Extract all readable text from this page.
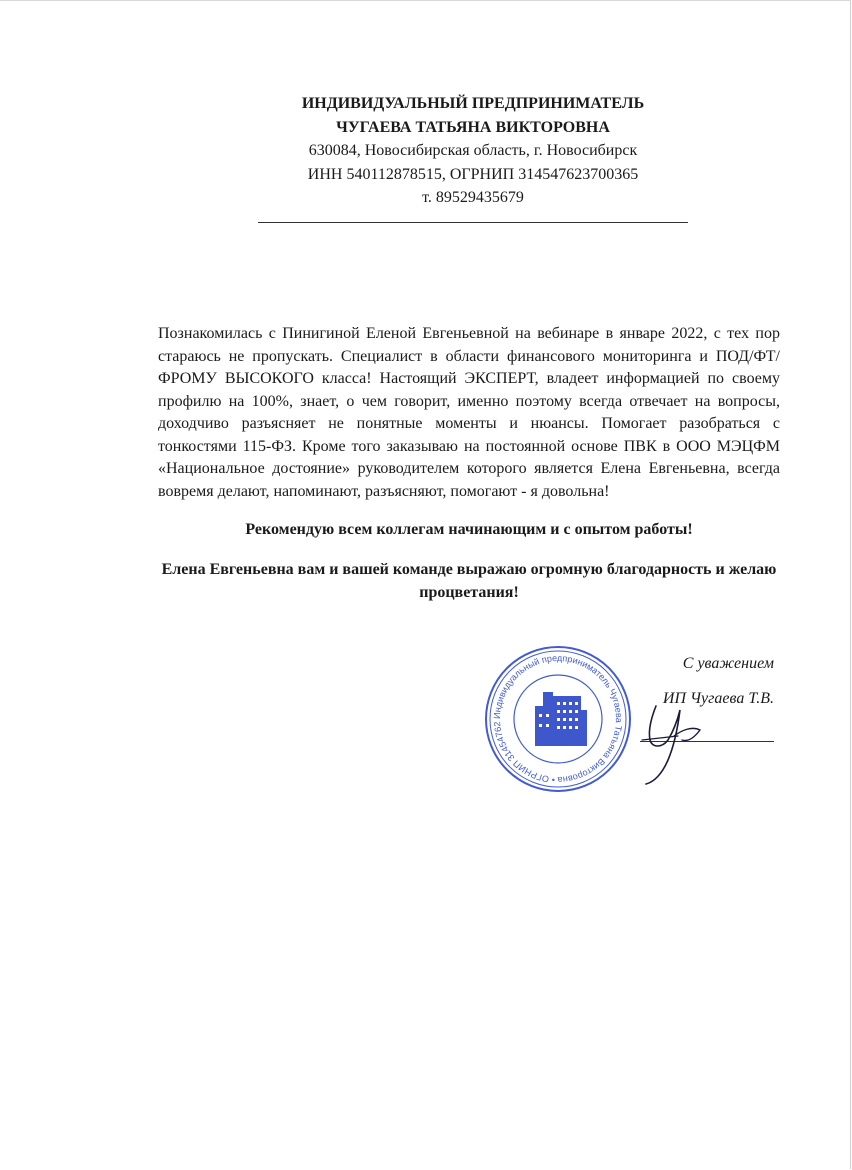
ИНДИВИДУАЛЬНЫЙ ПРЕДПРИНИМАТЕЛЬ
ЧУГАЕВА ТАТЬЯНА ВИКТОРОВНА
630084, Новосибирская область, г. Новосибирск
ИНН 540112878515, ОГРНИП 314547623700365
т. 89529435679
Познакомилась с Пинигиной Еленой Евгеньевной на вебинаре в январе 2022, с тех пор стараюсь не пропускать. Специалист в области финансового мониторинга и ПОД/ФТ/ФРОМУ ВЫСОКОГО класса! Настоящий ЭКСПЕРТ, владеет информацией по своему профилю на 100%, знает, о чем говорит, именно поэтому всегда отвечает на вопросы, доходчиво разъясняет не понятные моменты и нюансы. Помогает разобраться с тонкостями 115-ФЗ. Кроме того заказываю на постоянной основе ПВК в ООО МЭЦФМ «Национальное достояние» руководителем которого является Елена Евгеньевна, всегда вовремя делают, напоминают, разъясняют, помогают - я довольна!
Рекомендую всем коллегам начинающим и с опытом работы!
Елена Евгеньевна вам и вашей команде выражаю огромную благодарность и желаю процветания!
Индивидуальный предприниматель Чугаева Татьяна Викторовна • ОГРНИП 31454762
С уважением
ИП Чугаева Т.В.
